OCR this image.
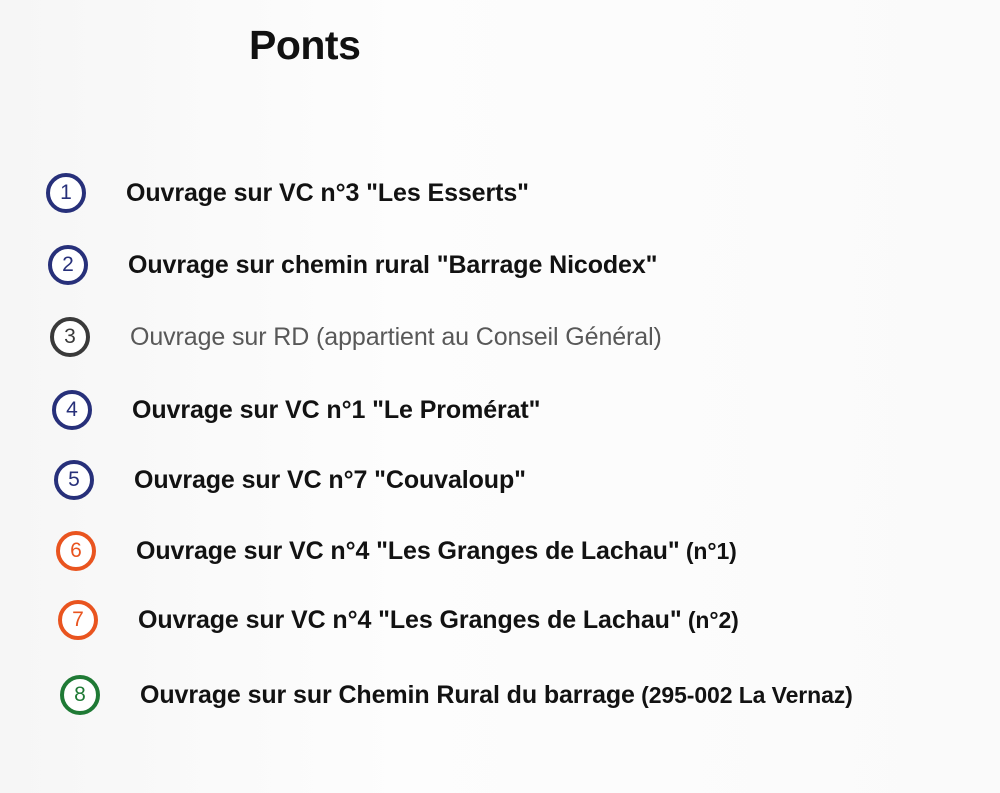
Ponts
1	Ouvrage sur VC n°3 "Les Esserts"
2	Ouvrage sur chemin rural "Barrage Nicodex"
3	Ouvrage sur RD (appartient au Conseil Général)
4	Ouvrage sur VC n°1 "Le Promérat"
5	Ouvrage sur VC n°7 "Couvaloup"
6	Ouvrage sur VC n°4 "Les Granges de Lachau" (n°1)
7	Ouvrage sur VC n°4 "Les Granges de Lachau" (n°2)
8	Ouvrage sur sur Chemin Rural du barrage (295-002 La Vernaz)
